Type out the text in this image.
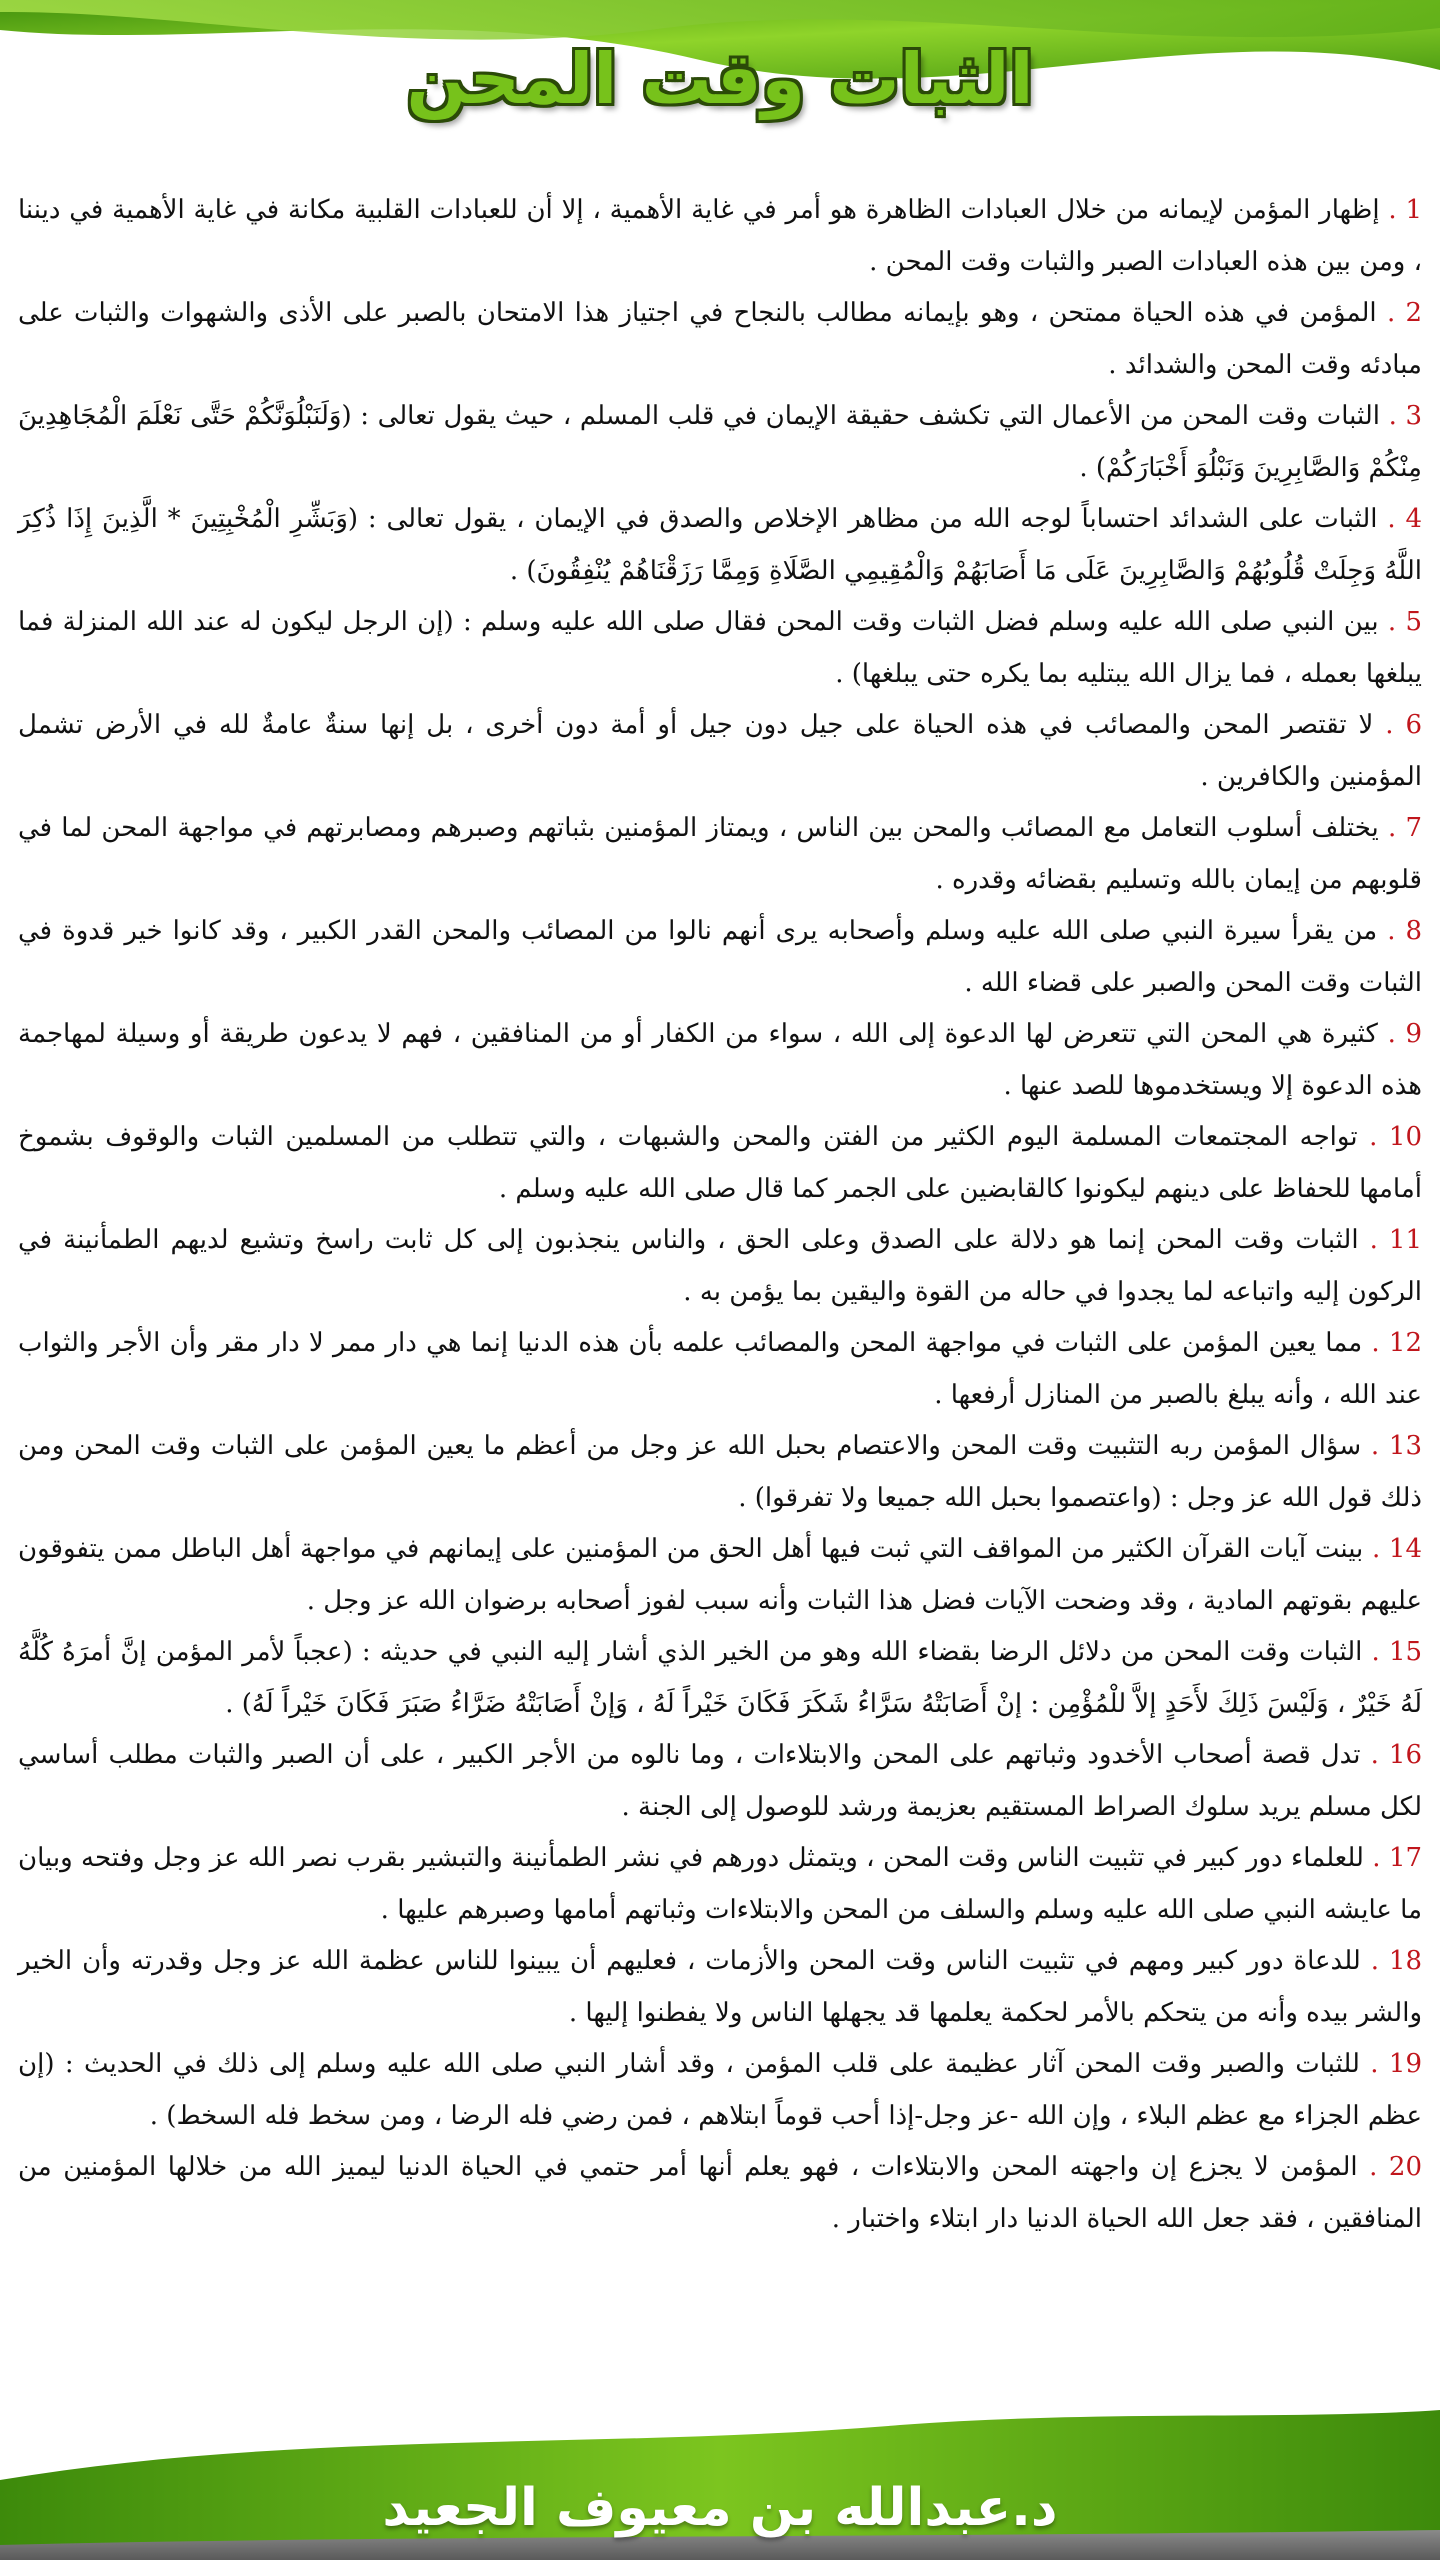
الثبات وقت المحن
1 . إظهار المؤمن لإيمانه من خلال العبادات الظاهرة هو أمر في غاية الأهمية ، إلا أن للعبادات القلبية مكانة في غاية الأهمية في ديننا ، ومن بين هذه العبادات الصبر والثبات وقت المحن .
2 . المؤمن في هذه الحياة ممتحن ، وهو بإيمانه مطالب بالنجاح في اجتياز هذا الامتحان بالصبر على الأذى والشهوات والثبات على مبادئه وقت المحن والشدائد .
3 . الثبات وقت المحن من الأعمال التي تكشف حقيقة الإيمان في قلب المسلم ، حيث يقول تعالى : (وَلَنَبْلُوَنَّكُمْ حَتَّى نَعْلَمَ الْمُجَاهِدِينَ مِنْكُمْ وَالصَّابِرِينَ وَنَبْلُوَ أَخْبَارَكُمْ) .
4 . الثبات على الشدائد احتساباً لوجه الله من مظاهر الإخلاص والصدق في الإيمان ، يقول تعالى : (وَبَشِّرِ الْمُخْبِتِينَ * الَّذِينَ إِذَا ذُكِرَ اللَّهُ وَجِلَتْ قُلُوبُهُمْ وَالصَّابِرِينَ عَلَى مَا أَصَابَهُمْ وَالْمُقِيمِي الصَّلَاةِ وَمِمَّا رَزَقْنَاهُمْ يُنْفِقُونَ) .
5 . بين النبي صلى الله عليه وسلم فضل الثبات وقت المحن فقال صلى الله عليه وسلم : (إن الرجل ليكون له عند الله المنزلة فما يبلغها بعمله ، فما يزال الله يبتليه بما يكره حتى يبلغها) .
6 . لا تقتصر المحن والمصائب في هذه الحياة على جيل دون جيل أو أمة دون أخرى ، بل إنها سنةٌ عامةٌ لله في الأرض تشمل المؤمنين والكافرين .
7 . يختلف أسلوب التعامل مع المصائب والمحن بين الناس ، ويمتاز المؤمنين بثباتهم وصبرهم ومصابرتهم في مواجهة المحن لما في قلوبهم من إيمان بالله وتسليم بقضائه وقدره .
8 . من يقرأ سيرة النبي صلى الله عليه وسلم وأصحابه يرى أنهم نالوا من المصائب والمحن القدر الكبير ، وقد كانوا خير قدوة في الثبات وقت المحن والصبر على قضاء الله .
9 . كثيرة هي المحن التي تتعرض لها الدعوة إلى الله ، سواء من الكفار أو من المنافقين ، فهم لا يدعون طريقة أو وسيلة لمهاجمة هذه الدعوة إلا ويستخدموها للصد عنها .
10 . تواجه المجتمعات المسلمة اليوم الكثير من الفتن والمحن والشبهات ، والتي تتطلب من المسلمين الثبات والوقوف بشموخ أمامها للحفاظ على دينهم ليكونوا كالقابضين على الجمر كما قال صلى الله عليه وسلم .
11 . الثبات وقت المحن إنما هو دلالة على الصدق وعلى الحق ، والناس ينجذبون إلى كل ثابت راسخ وتشيع لديهم الطمأنينة في الركون إليه واتباعه لما يجدوا في حاله من القوة واليقين بما يؤمن به .
12 . مما يعين المؤمن على الثبات في مواجهة المحن والمصائب علمه بأن هذه الدنيا إنما هي دار ممر لا دار مقر وأن الأجر والثواب عند الله ، وأنه يبلغ بالصبر من المنازل أرفعها .
13 . سؤال المؤمن ربه التثبيت وقت المحن والاعتصام بحبل الله عز وجل من أعظم ما يعين المؤمن على الثبات وقت المحن ومن ذلك قول الله عز وجل : (واعتصموا بحبل الله جميعا ولا تفرقوا) .
14 . بينت آيات القرآن الكثير من المواقف التي ثبت فيها أهل الحق من المؤمنين على إيمانهم في مواجهة أهل الباطل ممن يتفوقون عليهم بقوتهم المادية ، وقد وضحت الآيات فضل هذا الثبات وأنه سبب لفوز أصحابه برضوان الله عز وجل .
15 . الثبات وقت المحن من دلائل الرضا بقضاء الله وهو من الخير الذي أشار إليه النبي في حديثه : (عجباً لأمر المؤمن إنَّ أمرَهُ كُلَّهُ لَهُ خَيْرٌ ، وَلَيْسَ ذَلِكَ لأَحَدٍ إلاَّ للْمُؤْمِن : إنْ أَصَابَتْهُ سَرَّاءُ شَكَرَ فَكَانَ خَيْراً لَهُ ، وَإنْ أَصَابَتْهُ ضَرَّاءُ صَبَرَ فَكَانَ خَيْراً لَهُ) .
16 . تدل قصة أصحاب الأخدود وثباتهم على المحن والابتلاءات ، وما نالوه من الأجر الكبير ، على أن الصبر والثبات مطلب أساسي لكل مسلم يريد سلوك الصراط المستقيم بعزيمة ورشد للوصول إلى الجنة .
17 . للعلماء دور كبير في تثبيت الناس وقت المحن ، ويتمثل دورهم في نشر الطمأنينة والتبشير بقرب نصر الله عز وجل وفتحه وبيان ما عايشه النبي صلى الله عليه وسلم والسلف من المحن والابتلاءات وثباتهم أمامها وصبرهم عليها .
18 . للدعاة دور كبير ومهم في تثبيت الناس وقت المحن والأزمات ، فعليهم أن يبينوا للناس عظمة الله عز وجل وقدرته وأن الخير والشر بيده وأنه من يتحكم بالأمر لحكمة يعلمها قد يجهلها الناس ولا يفطنوا إليها .
19 . للثبات والصبر وقت المحن آثار عظيمة على قلب المؤمن ، وقد أشار النبي صلى الله عليه وسلم إلى ذلك في الحديث : (إن عظم الجزاء مع عظم البلاء ، وإن الله -عز وجل-إذا أحب قوماً ابتلاهم ، فمن رضي فله الرضا ، ومن سخط فله السخط) .
20 . المؤمن لا يجزع إن واجهته المحن والابتلاءات ، فهو يعلم أنها أمر حتمي في الحياة الدنيا ليميز الله من خلالها المؤمنين من المنافقين ، فقد جعل الله الحياة الدنيا دار ابتلاء واختبار .
د.عبدالله بن معيوف الجعيد
